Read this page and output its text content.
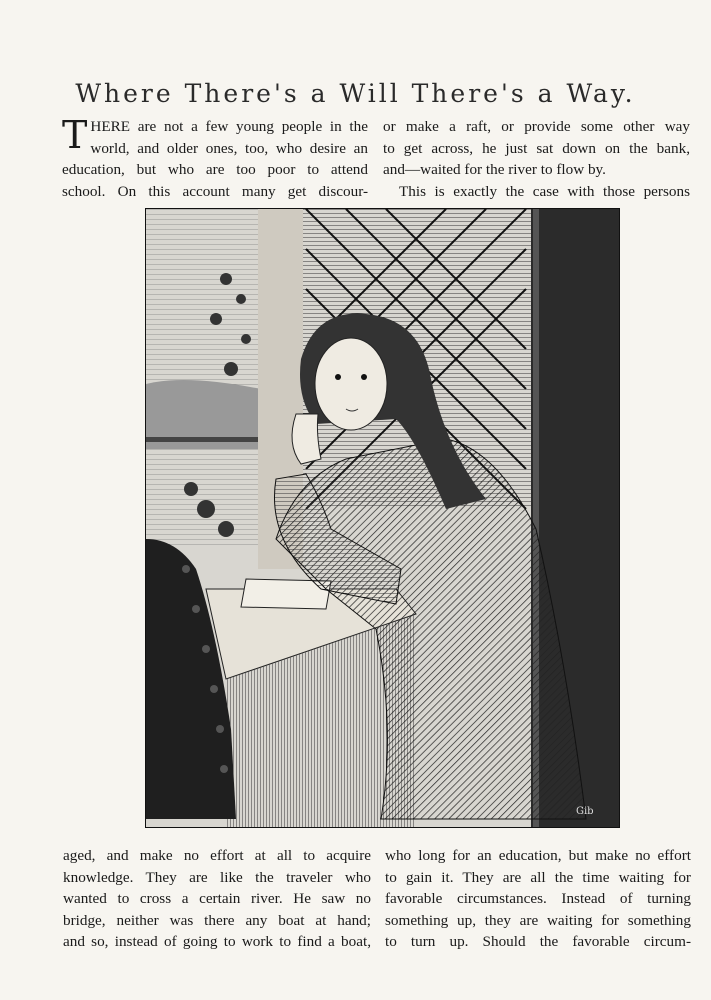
Where There's a Will There's a Way.
T HERE are not a few young people in the
world, and older ones, too, who desire an
education, but who are too poor to attend
school. On this account many get discour-
or make a raft, or provide some other way
to get across, he just sat down on the bank,
and—waited for the river to flow by.
This is exactly the case with those persons
Gib
aged, and make no effort at all to acquire
knowledge. They are like the traveler who
wanted to cross a certain river. He saw no
bridge, neither was there any boat at hand;
and so, instead of going to work to find a boat,
who long for an education, but make no effort
to gain it. They are all the time waiting for
favorable circumstances. Instead of turning
something up, they are waiting for something
to turn up. Should the favorable circum-
